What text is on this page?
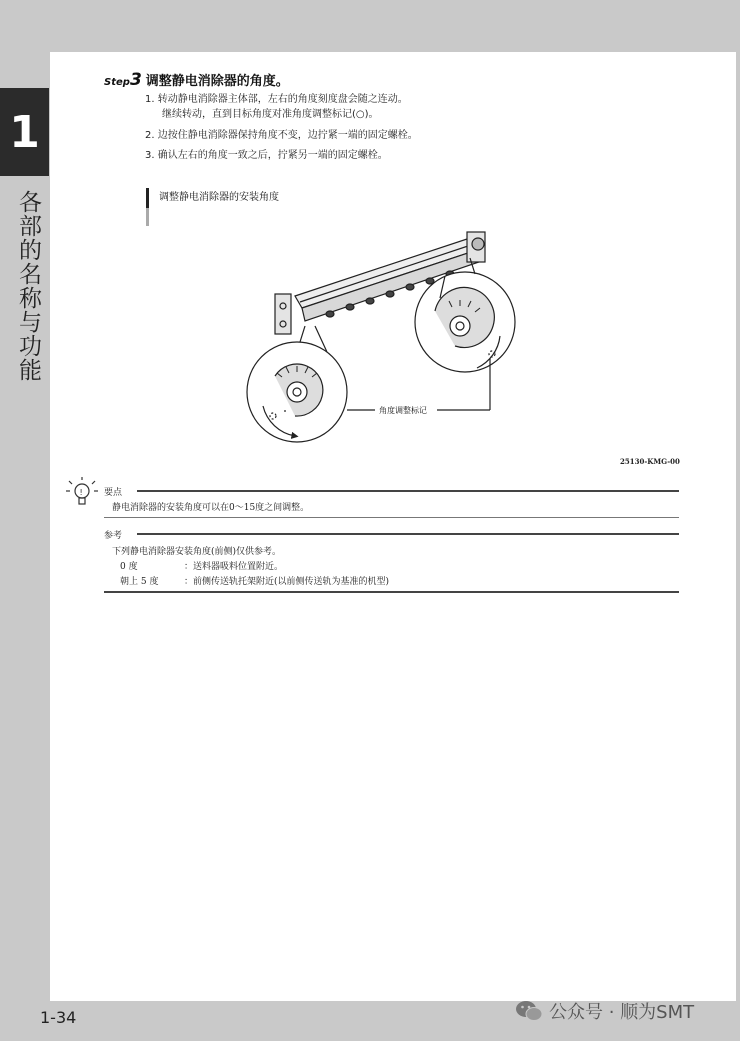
1
各部的名称与功能
Step 3 调整静电消除器的角度。
1. 转动静电消除器主体部，左右的角度刻度盘会随之连动。
继续转动，直到目标角度对准角度调整标记(○)。
2. 边按住静电消除器保持角度不变，边拧紧一端的固定螺栓。
3. 确认左右的角度一致之后，拧紧另一端的固定螺栓。
调整静电消除器的安装角度
角度调整标记
25130-KMG-00
! 要点
静电消除器的安装角度可以在0～15度之间调整。
参考
下列静电消除器安装角度(前侧)仅供参考。
0 度	：送料器吸料位置附近。
朝上 5 度	：前侧传送轨托架附近(以前侧传送轨为基准的机型)
1-34	公众号 · 顺为SMT
